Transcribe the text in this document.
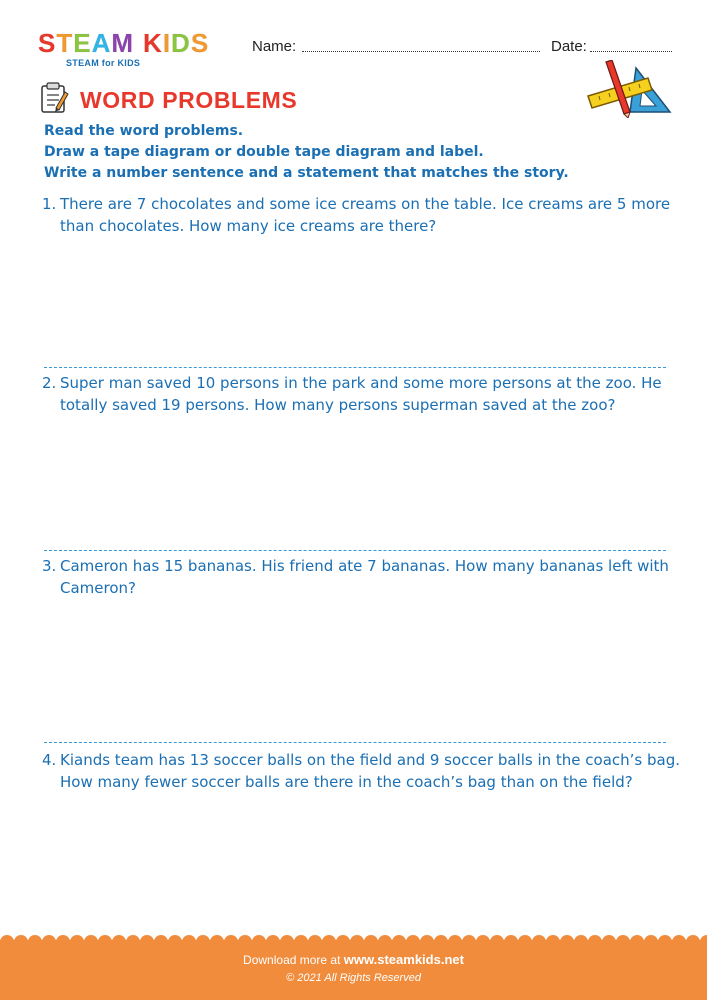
S T E A M K I D S
STEAM for KIDS
Name:	Date:
WORD PROBLEMS

Read the word problems.

Draw a tape diagram or double tape diagram and label.

Write a number sentence and a statement that matches the story.

1. There are 7 chocolates and some ice creams on the table. Ice creams are 5 more than chocolates. How many ice creams are there?
2. Super man saved 10 persons in the park and some more persons at the zoo. He totally saved 19 persons. How many persons superman saved at the zoo?
3. Cameron has 15 bananas. His friend ate 7 bananas. How many bananas left with Cameron?
4. Kiands team has 13 soccer balls on the field and 9 soccer balls in the coach’s bag. How many fewer soccer balls are there in the coach’s bag than on the field?
Download more at www.steamkids.net
© 2021 All Rights Reserved
